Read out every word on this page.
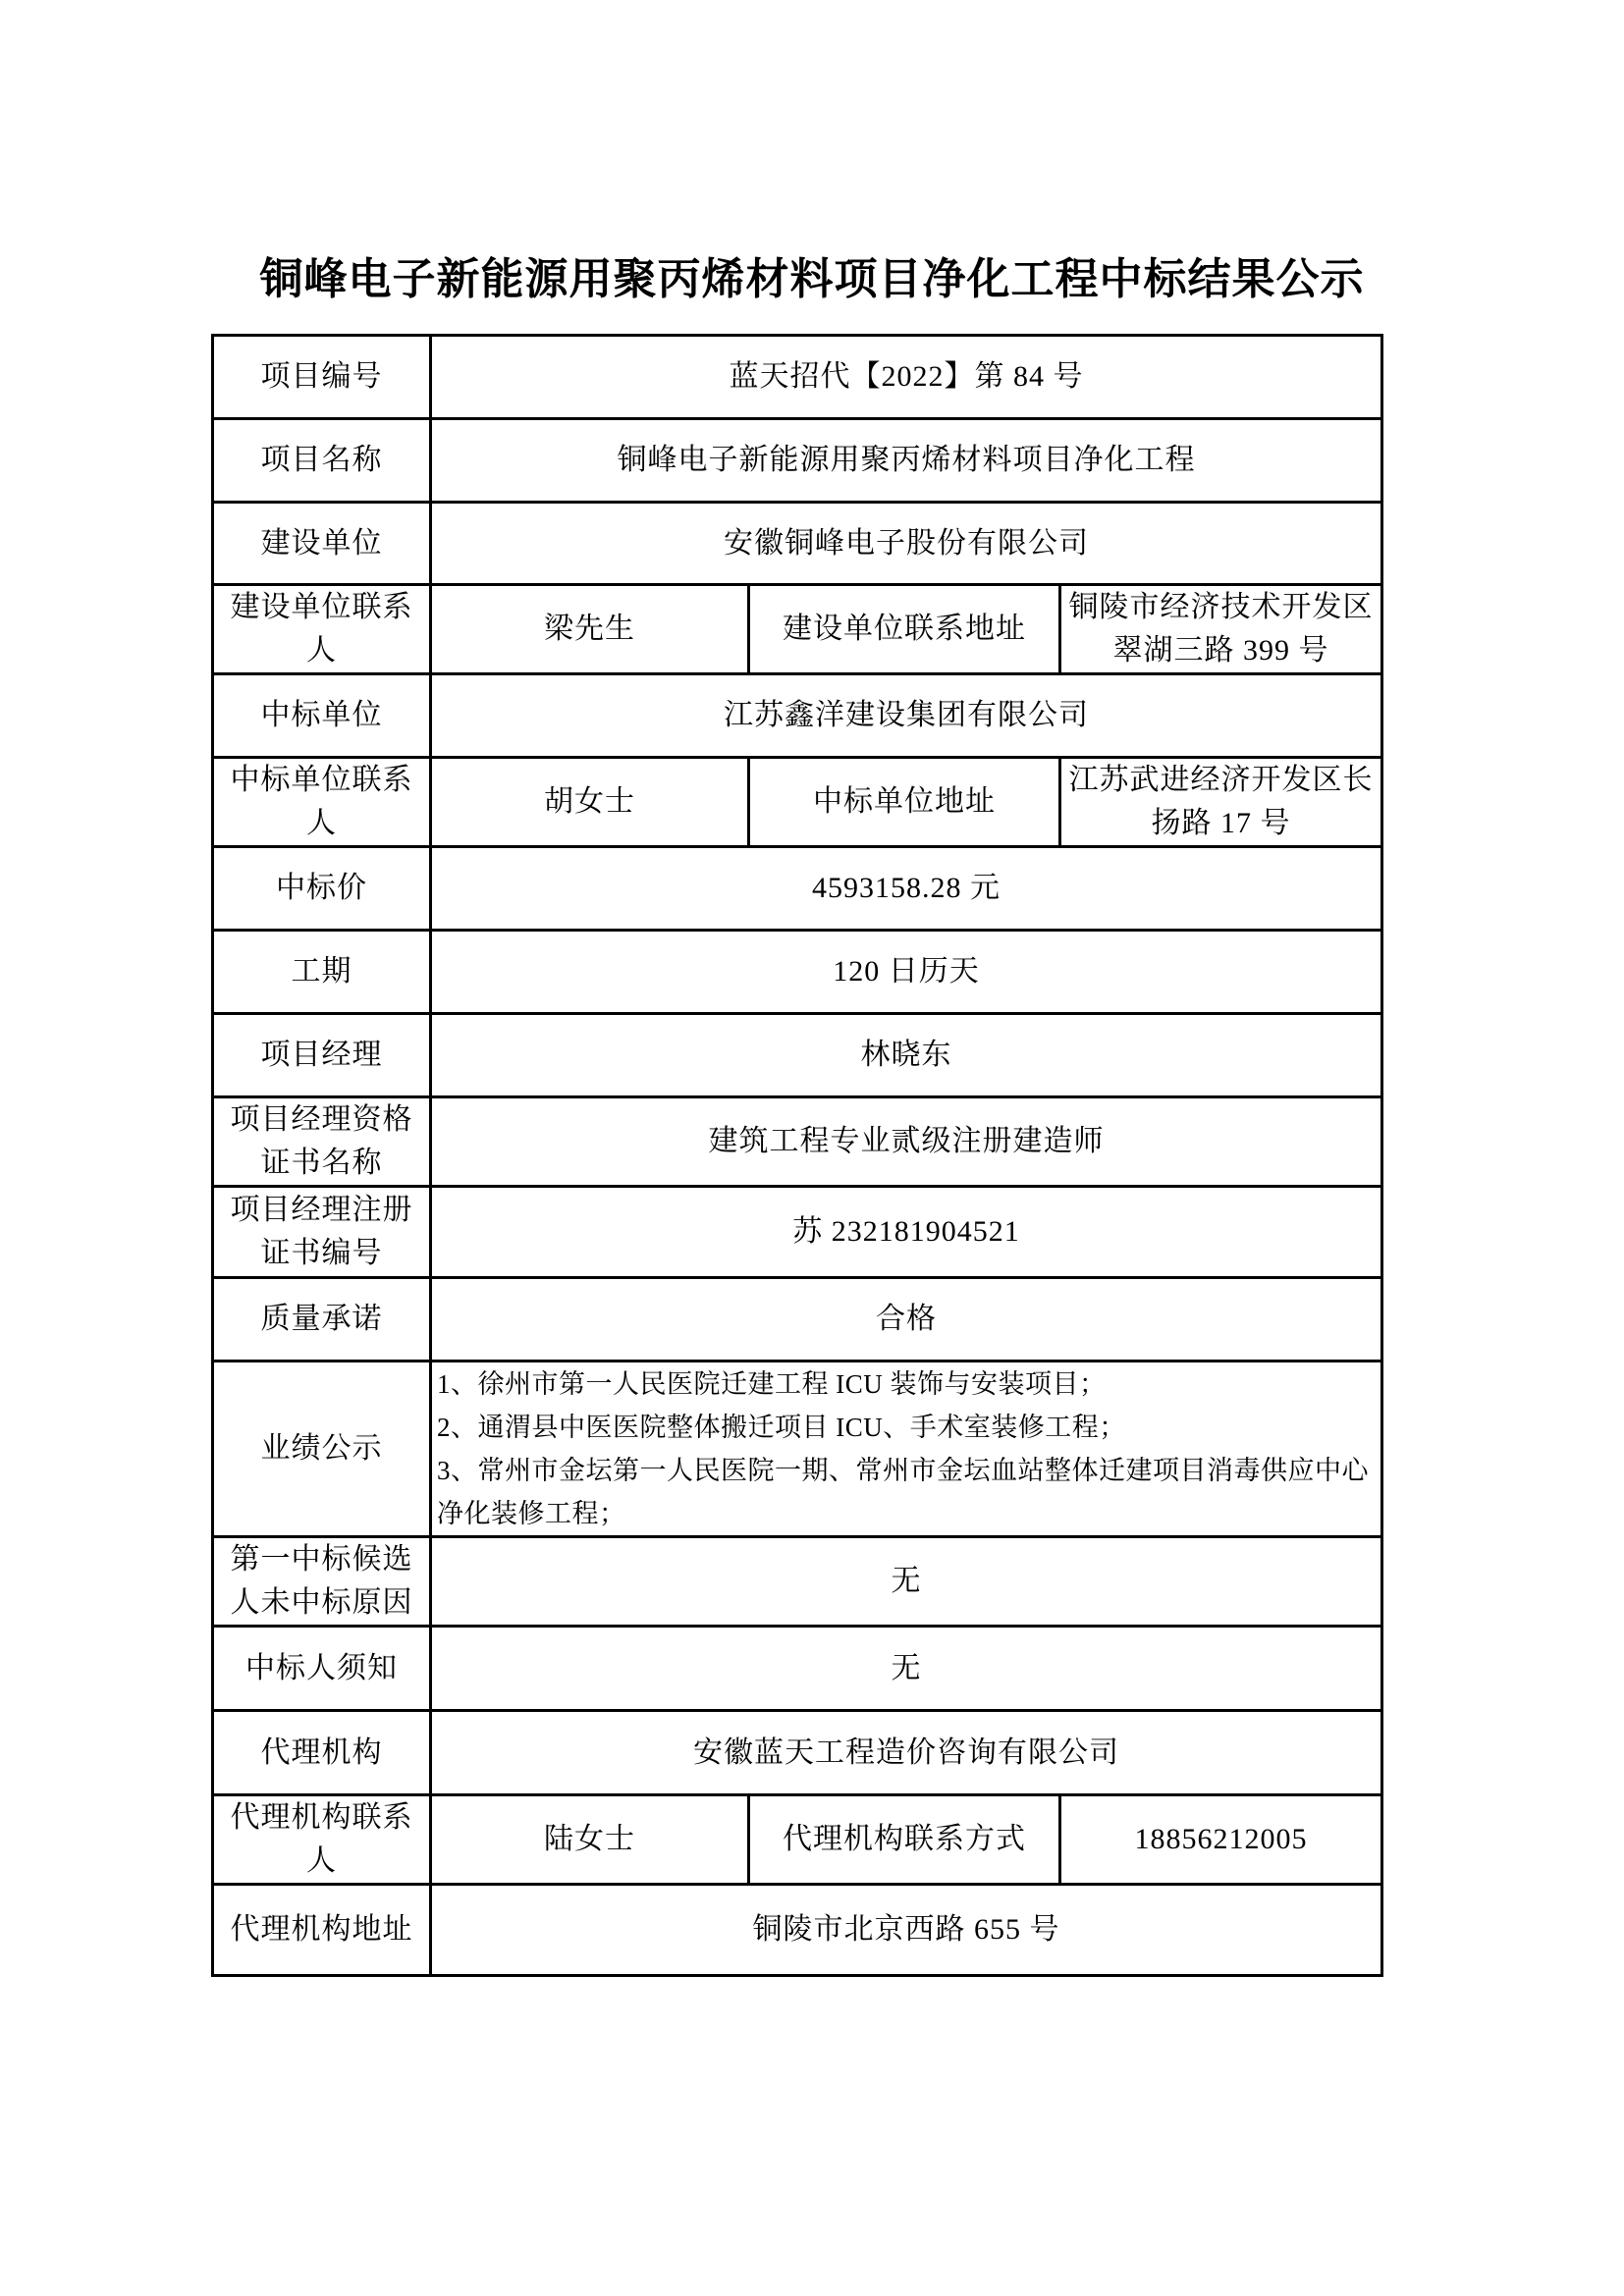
铜峰电子新能源用聚丙烯材料项目净化工程中标结果公示
项目编号	蓝天招代【2022】第 84 号		
项目名称	铜峰电子新能源用聚丙烯材料项目净化工程		
建设单位	安徽铜峰电子股份有限公司		
建设单位联系人	梁先生	建设单位联系地址	铜陵市经济技术开发区翠湖三路 399 号
中标单位	江苏鑫洋建设集团有限公司		
中标单位联系人	胡女士	中标单位地址	江苏武进经济开发区长扬路 17 号
中标价	4593158.28 元		
工期	120 日历天		
项目经理	林晓东		
项目经理资格证书名称	建筑工程专业贰级注册建造师		
项目经理注册证书编号	苏 232181904521		
质量承诺	合格		
业绩公示	1、徐州市第一人民医院迁建工程 ICU 装饰与安装项目；
2、通渭县中医医院整体搬迁项目 ICU、手术室装修工程；
3、常州市金坛第一人民医院一期、常州市金坛血站整体迁建项目消毒供应中心净化装修工程；		

第一中标候选人未中标原因	无		
中标人须知	无		
代理机构	安徽蓝天工程造价咨询有限公司		
代理机构联系人	陆女士	代理机构联系方式	18856212005
代理机构地址	铜陵市北京西路 655 号		
